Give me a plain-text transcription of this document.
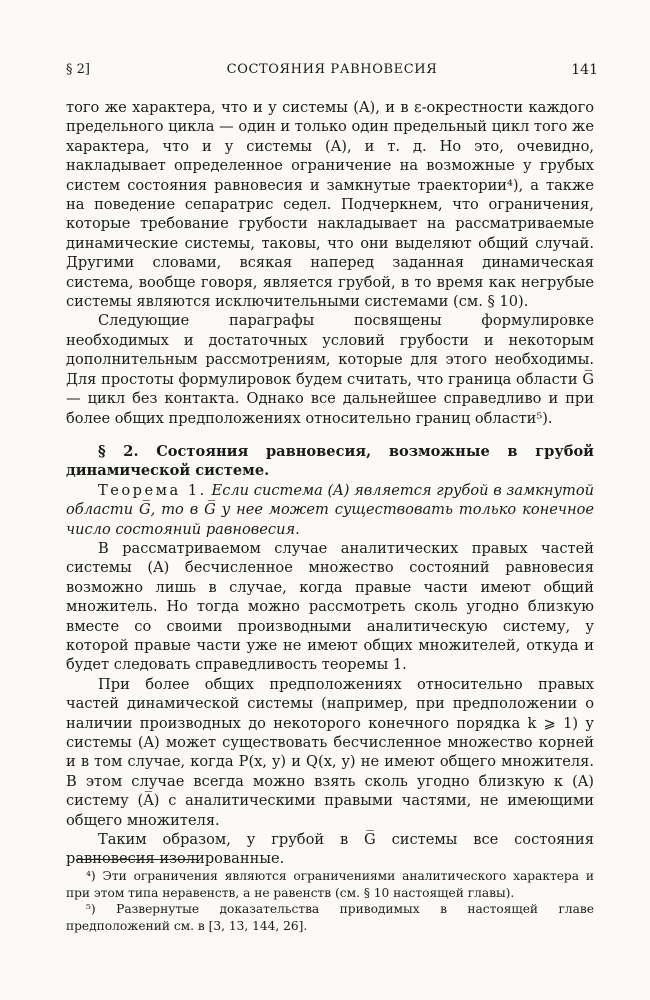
§ 2]	СОСТОЯНИЯ РАВНОВЕСИЯ	141

того же характера, что и у системы (A), и в ε-окрестности каждого предельного цикла — один и только один предельный цикл того же характера, что и у системы (A), и т. д. Но это, очевидно, накладывает определенное ограничение на возможные у грубых систем состояния равновесия и замкнутые траектории⁴), а также на поведение сепаратрис седел. Подчеркнем, что ограничения, которые требование грубости накладывает на рассматриваемые динамические системы, таковы, что они выделяют общий случай. Другими словами, всякая наперед заданная динамическая система, вообще говоря, является грубой, в то время как негрубые системы являются исключительными системами (см. § 10).

Следующие параграфы посвящены формулировке необходимых и достаточных условий грубости и некоторым дополнительным рассмотрениям, которые для этого необходимы. Для простоты формулировок будем считать, что граница области G̅ — цикл без контакта. Однако все дальнейшее справедливо и при более общих предположениях относительно границ области⁵).

§ 2. Состояния равновесия, возможные в грубой динамической системе.

Теорема 1. Если система (A) является грубой в замкнутой области G̅, то в G̅ у нее может существовать только конечное число состояний равновесия.

В рассматриваемом случае аналитических правых частей системы (A) бесчисленное множество состояний равновесия возможно лишь в случае, когда правые части имеют общий множитель. Но тогда можно рассмотреть сколь угодно близкую вместе со своими производными аналитическую систему, у которой правые части уже не имеют общих множителей, откуда и будет следовать справедливость теоремы 1.

При более общих предположениях относительно правых частей динамической системы (например, при предположении о наличии производных до некоторого конечного порядка k ⩾ 1) у системы (A) может существовать бесчисленное множество корней и в том случае, когда P(x, y) и Q(x, y) не имеют общего множителя. В этом случае всегда можно взять сколь угодно близкую к (A) систему (A̅) с аналитическими правыми частями, не имеющими общего множителя.

Таким образом, у грубой в G̅ системы все состояния равновесия изолированные.

⁴) Эти ограничения являются ограничениями аналитического характера и при этом типа неравенств, а не равенств (см. § 10 настоящей главы).

⁵) Развернутые доказательства приводимых в настоящей главе предположений см. в [3, 13, 144, 26].
